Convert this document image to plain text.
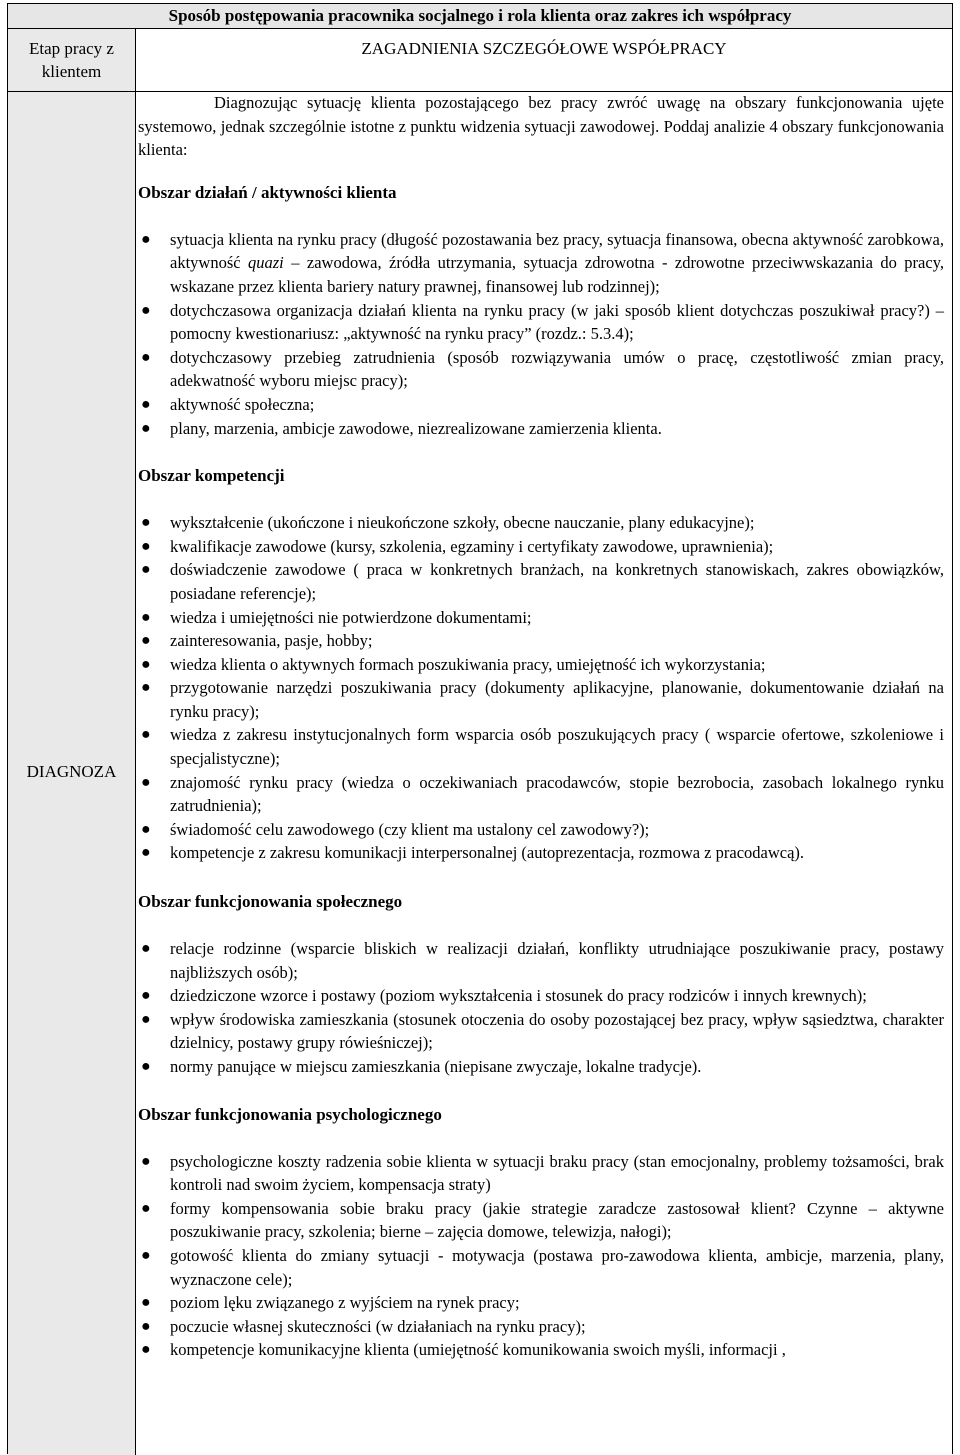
Sposób postępowania pracownika socjalnego i rola klienta oraz zakres ich współpracy
Etap pracy z klientem
DIAGNOZA
ZAGADNIENIA SZCZEGÓŁOWE WSPÓŁPRACY

Diagnozując sytuację klienta pozostającego bez pracy zwróć uwagę na obszary funkcjonowania ujęte systemowo, jednak szczególnie istotne z punktu widzenia sytuacji zawodowej. Poddaj analizie 4 obszary funkcjonowania klienta:

Obszar działań / aktywności klienta
● sytuacja klienta na rynku pracy (długość pozostawania bez pracy, sytuacja finansowa, obecna aktywność zarobkowa, aktywność quazi – zawodowa, źródła utrzymania, sytuacja zdrowotna - zdrowotne przeciwwskazania do pracy, wskazane przez klienta bariery natury prawnej, finansowej lub rodzinnej);
● dotychczasowa organizacja działań klienta na rynku pracy (w jaki sposób klient dotychczas poszukiwał pracy?) – pomocny kwestionariusz: „aktywność na rynku pracy” (rozdz.: 5.3.4);
● dotychczasowy przebieg zatrudnienia (sposób rozwiązywania umów o pracę, częstotliwość zmian pracy, adekwatność wyboru miejsc pracy);
● aktywność społeczna;
● plany, marzenia, ambicje zawodowe, niezrealizowane zamierzenia klienta.
Obszar kompetencji
● wykształcenie (ukończone i nieukończone szkoły, obecne nauczanie, plany edukacyjne);
● kwalifikacje zawodowe (kursy, szkolenia, egzaminy i certyfikaty zawodowe, uprawnienia);
● doświadczenie zawodowe ( praca w konkretnych branżach, na konkretnych stanowiskach, zakres obowiązków, posiadane referencje);
● wiedza i umiejętności nie potwierdzone dokumentami;
● zainteresowania, pasje, hobby;
● wiedza klienta o aktywnych formach poszukiwania pracy, umiejętność ich wykorzystania;
● przygotowanie narzędzi poszukiwania pracy (dokumenty aplikacyjne, planowanie, dokumentowanie działań na rynku pracy);
● wiedza z zakresu instytucjonalnych form wsparcia osób poszukujących pracy ( wsparcie ofertowe, szkoleniowe i specjalistyczne);
● znajomość rynku pracy (wiedza o oczekiwaniach pracodawców, stopie bezrobocia, zasobach lokalnego rynku zatrudnienia);
● świadomość celu zawodowego (czy klient ma ustalony cel zawodowy?);
● kompetencje z zakresu komunikacji interpersonalnej (autoprezentacja, rozmowa z pracodawcą).
Obszar funkcjonowania społecznego
● relacje rodzinne (wsparcie bliskich w realizacji działań, konflikty utrudniające poszukiwanie pracy, postawy najbliższych osób);
● dziedziczone wzorce i postawy (poziom wykształcenia i stosunek do pracy rodziców i innych krewnych);
● wpływ środowiska zamieszkania (stosunek otoczenia do osoby pozostającej bez pracy, wpływ sąsiedztwa, charakter dzielnicy, postawy grupy rówieśniczej);
● normy panujące w miejscu zamieszkania (niepisane zwyczaje, lokalne tradycje).
Obszar funkcjonowania psychologicznego
● psychologiczne koszty radzenia sobie klienta w sytuacji braku pracy (stan emocjonalny, problemy tożsamości, brak kontroli nad swoim życiem, kompensacja straty)
● formy kompensowania sobie braku pracy (jakie strategie zaradcze zastosował klient? Czynne – aktywne poszukiwanie pracy, szkolenia; bierne – zajęcia domowe, telewizja, nałogi);
● gotowość klienta do zmiany sytuacji - motywacja (postawa pro-zawodowa klienta, ambicje, marzenia, plany, wyznaczone cele);
● poziom lęku związanego z wyjściem na rynek pracy;
● poczucie własnej skuteczności (w działaniach na rynku pracy);
● kompetencje komunikacyjne klienta (umiejętność komunikowania swoich myśli, informacji ,
